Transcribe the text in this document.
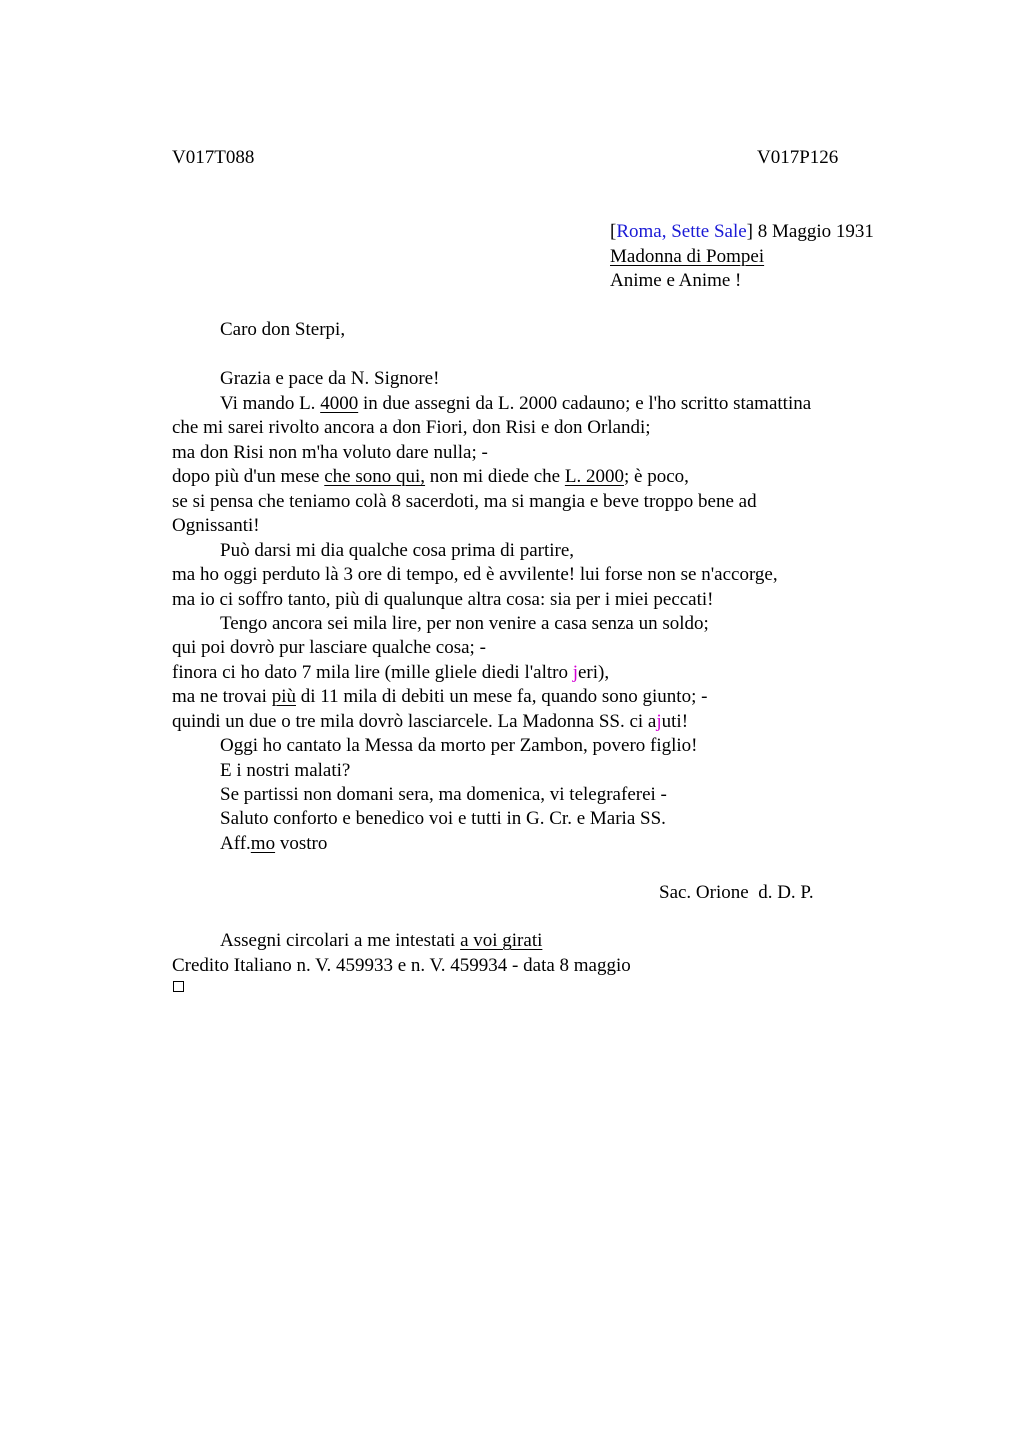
V017T088	V017P126
[Roma, Sette Sale] 8 Maggio 1931
Madonna di Pompei
Anime e Anime !
Caro don Sterpi,
Grazia e pace da N. Signore!
Vi mando L. 4000 in due assegni da L. 2000 cadauno; e l'ho scritto stamattina
che mi sarei rivolto ancora a don Fiori, don Risi e don Orlandi;
ma don Risi non m'ha voluto dare nulla; -
dopo più d'un mese che sono qui, non mi diede che L. 2000; è poco,
se si pensa che teniamo colà 8 sacerdoti, ma si mangia e beve troppo bene ad
Ognissanti!
Può darsi mi dia qualche cosa prima di partire,
ma ho oggi perduto là 3 ore di tempo, ed è avvilente! lui forse non se n'accorge,
ma io ci soffro tanto, più di qualunque altra cosa: sia per i miei peccati!
Tengo ancora sei mila lire, per non venire a casa senza un soldo;
qui poi dovrò pur lasciare qualche cosa; -
finora ci ho dato 7 mila lire (mille gliele diedi l'altro jeri),
ma ne trovai più di 11 mila di debiti un mese fa, quando sono giunto; -
quindi un due o tre mila dovrò lasciarcele. La Madonna SS. ci ajuti!
Oggi ho cantato la Messa da morto per Zambon, povero figlio!
E i nostri malati?
Se partissi non domani sera, ma domenica, vi telegraferei -
Saluto conforto e benedico voi e tutti in G. Cr. e Maria SS.
Aff.mo vostro
Sac. Orione  d. D. P.
Assegni circolari a me intestati a voi girati
Credito Italiano n. V. 459933 e n. V. 459934 - data 8 maggio
